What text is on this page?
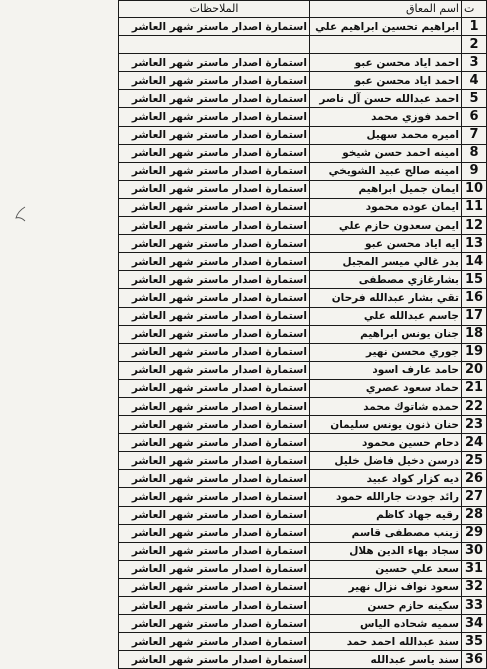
ت	اسم المعاق	الملاحظات
1	ابراهيم تحسين ابراهيم علي	استمارة اصدار ماستر شهر العاشر
2		
3	احمد اياد محسن عبو	استمارة اصدار ماستر شهر العاشر
4	احمد اياد محسن عبو	استمارة اصدار ماستر شهر العاشر
5	احمد عبدالله حسن آل ناصر	استمارة اصدار ماستر شهر العاشر
6	احمد فوزي محمد	استمارة اصدار ماستر شهر العاشر
7	اميره محمد سهيل	استمارة اصدار ماستر شهر العاشر
8	امينه احمد حسن شيخو	استمارة اصدار ماستر شهر العاشر
9	امينه صالح عبيد الشويخي	استمارة اصدار ماستر شهر العاشر
10	ايمان جميل ابراهيم	استمارة اصدار ماستر شهر العاشر
11	ايمان عوده محمود	استمارة اصدار ماستر شهر العاشر
12	ايمن سعدون حازم علي	استمارة اصدار ماستر شهر العاشر
13	ايه اياد محسن عبو	استمارة اصدار ماستر شهر العاشر
14	بدر غالي ميسر المجبل	استمارة اصدار ماستر شهر العاشر
15	بشارغازي مصطفى	استمارة اصدار ماستر شهر العاشر
16	تقي بشار عبدالله فرحان	استمارة اصدار ماستر شهر العاشر
17	جاسم عبدالله علي	استمارة اصدار ماستر شهر العاشر
18	جنان يونس ابراهيم	استمارة اصدار ماستر شهر العاشر
19	جوري محسن نهير	استمارة اصدار ماستر شهر العاشر
20	حامد عارف اسود	استمارة اصدار ماستر شهر العاشر
21	حماد سعود عصري	استمارة اصدار ماستر شهر العاشر
22	حمده شاتوك محمد	استمارة اصدار ماستر شهر العاشر
23	حنان ذنون يونس سليمان	استمارة اصدار ماستر شهر العاشر
24	دحام حسين محمود	استمارة اصدار ماستر شهر العاشر
25	درسن دخيل فاضل خليل	استمارة اصدار ماستر شهر العاشر
26	ديه كزار كواد عبيد	استمارة اصدار ماستر شهر العاشر
27	رائد جودت جارالله حمود	استمارة اصدار ماستر شهر العاشر
28	رقيه جهاد كاظم	استمارة اصدار ماستر شهر العاشر
29	زينب مصطفى قاسم	استمارة اصدار ماستر شهر العاشر
30	سجاد بهاء الدين هلال	استمارة اصدار ماستر شهر العاشر
31	سعد علي حسين	استمارة اصدار ماستر شهر العاشر
32	سعود نواف نزال نهير	استمارة اصدار ماستر شهر العاشر
33	سكينه حازم حسن	استمارة اصدار ماستر شهر العاشر
34	سميه شحاده الياس	استمارة اصدار ماستر شهر العاشر
35	سند عبدالله احمد حمد	استمارة اصدار ماستر شهر العاشر
36	سند ياسر عبدالله	استمارة اصدار ماستر شهر العاشر
